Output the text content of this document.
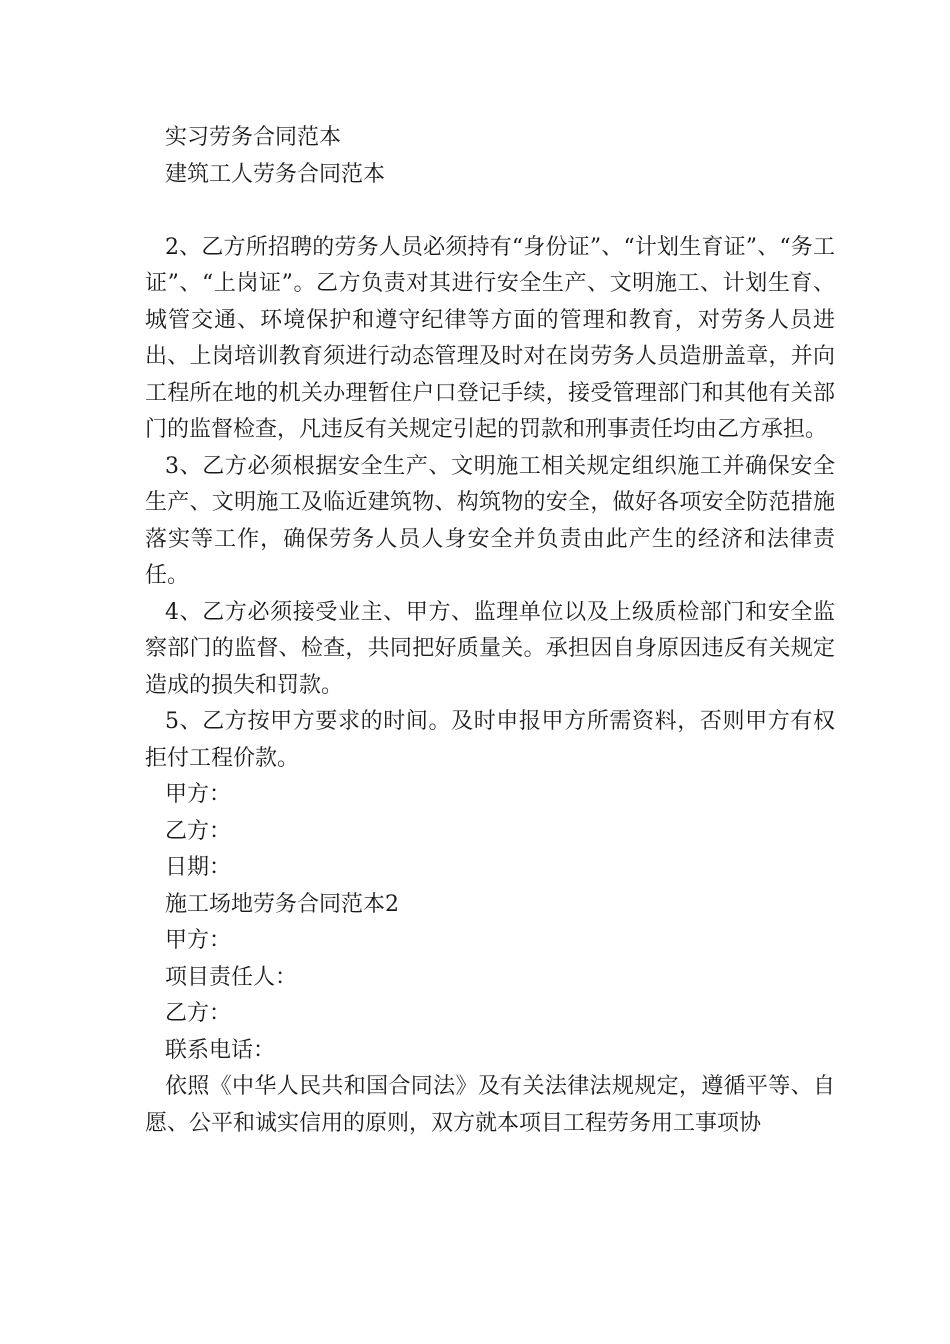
实习劳务合同范本

建筑工人劳务合同范本

2、乙方所招聘的劳务人员必须持有“身份证”、“计划生育证”、“务工证”、“上岗证”。乙方负责对其进行安全生产、文明施工、计划生育、城管交通、环境保护和遵守纪律等方面的管理和教育，对劳务人员进出、上岗培训教育须进行动态管理及时对在岗劳务人员造册盖章，并向工程所在地的机关办理暂住户口登记手续，接受管理部门和其他有关部门的监督检查，凡违反有关规定引起的罚款和刑事责任均由乙方承担。

3、乙方必须根据安全生产、文明施工相关规定组织施工并确保安全生产、文明施工及临近建筑物、构筑物的安全，做好各项安全防范措施落实等工作，确保劳务人员人身安全并负责由此产生的经济和法律责任。

4、乙方必须接受业主、甲方、监理单位以及上级质检部门和安全监察部门的监督、检查，共同把好质量关。承担因自身原因违反有关规定造成的损失和罚款。

5、乙方按甲方要求的时间。及时申报甲方所需资料，否则甲方有权拒付工程价款。

甲方：

乙方：

日期：

施工场地劳务合同范本2

甲方：

项目责任人：

乙方：

联系电话：

依照《中华人民共和国合同法》及有关法律法规规定，遵循平等、自愿、公平和诚实信用的原则，双方就本项目工程劳务用工事项协
